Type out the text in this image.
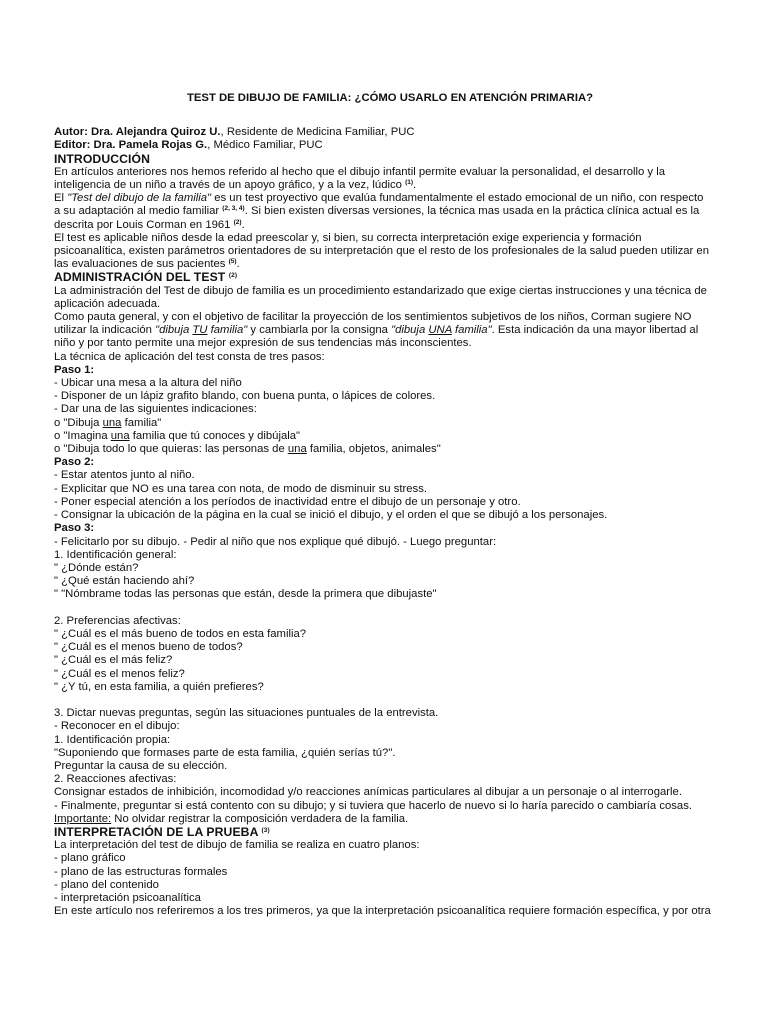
TEST DE DIBUJO DE FAMILIA: ¿CÓMO USARLO EN ATENCIÓN PRIMARIA?
Autor: Dra. Alejandra Quiroz U., Residente de Medicina Familiar, PUC
Editor: Dra. Pamela Rojas G., Médico Familiar, PUC
INTRODUCCIÓN
En artículos anteriores nos hemos referido al hecho que el dibujo infantil permite evaluar la personalidad, el desarrollo y la
inteligencia de un niño a través de un apoyo gráfico, y a la vez, lúdico $^{(1)}$.
El "Test del dibujo de la familia" es un test proyectivo que evalúa fundamentalmente el estado emocional de un niño, con respecto
a su adaptación al medio familiar $^{(2, 3, 4)}$. Si bien existen diversas versiones, la técnica mas usada en la práctica clínica actual es la
descrita por Louis Corman en 1961 $^{(2)}$.
El test es aplicable niños desde la edad preescolar y, si bien, su correcta interpretación exige experiencia y formación
psicoanalítica, existen parámetros orientadores de su interpretación que el resto de los profesionales de la salud pueden utilizar en
las evaluaciones de sus pacientes $^{(5)}$.
ADMINISTRACIÓN DEL TEST $^{(2)}$
La administración del Test de dibujo de familia es un procedimiento estandarizado que exige ciertas instrucciones y una técnica de
aplicación adecuada.
Como pauta general, y con el objetivo de facilitar la proyección de los sentimientos subjetivos de los niños, Corman sugiere NO
utilizar la indicación "dibuja TU familia" y cambiarla por la consigna "dibuja UNA familia". Esta indicación da una mayor libertad al
niño y por tanto permite una mejor expresión de sus tendencias más inconscientes.
La técnica de aplicación del test consta de tres pasos:
Paso 1:
- Ubicar una mesa a la altura del niño
- Disponer de un lápiz grafito blando, con buena punta, o lápices de colores.
- Dar una de las siguientes indicaciones:
o "Dibuja una familia"
o "Imagina una familia que tú conoces y dibújala"
o "Dibuja todo lo que quieras: las personas de una familia, objetos, animales"
Paso 2:
- Estar atentos junto al niño.
- Explicitar que NO es una tarea con nota, de modo de disminuir su stress.
- Poner especial atención a los períodos de inactividad entre el dibujo de un personaje y otro.
- Consignar la ubicación de la página en la cual se inició el dibujo, y el orden el que se dibujó a los personajes.
Paso 3:
- Felicitarlo por su dibujo. - Pedir al niño que nos explique qué dibujó. - Luego preguntar:
1. Identificación general:
" ¿Dónde están?
" ¿Qué están haciendo ahí?
" "Nómbrame todas las personas que están, desde la primera que dibujaste"
2. Preferencias afectivas:
" ¿Cuál es el más bueno de todos en esta familia?
" ¿Cuál es el menos bueno de todos?
" ¿Cuál es el más feliz?
" ¿Cuál es el menos feliz?
" ¿Y tú, en esta familia, a quién prefieres?
3. Dictar nuevas preguntas, según las situaciones puntuales de la entrevista.
- Reconocer en el dibujo:
1. Identificación propia:
"Suponiendo que formases parte de esta familia, ¿quién serías tú?".
Preguntar la causa de su elección.
2. Reacciones afectivas:
Consignar estados de inhibición, incomodidad y/o reacciones anímicas particulares al dibujar a un personaje o al interrogarle.
- Finalmente, preguntar si está contento con su dibujo; y si tuviera que hacerlo de nuevo si lo haría parecido o cambiaría cosas.
Importante: No olvidar registrar la composición verdadera de la familia.
INTERPRETACIÓN DE LA PRUEBA $^{(3)}$
La interpretación del test de dibujo de familia se realiza en cuatro planos:
- plano gráfico
- plano de las estructuras formales
- plano del contenido
- interpretación psicoanalítica
En este artículo nos referiremos a los tres primeros, ya que la interpretación psicoanalítica requiere formación específica, y por otra
